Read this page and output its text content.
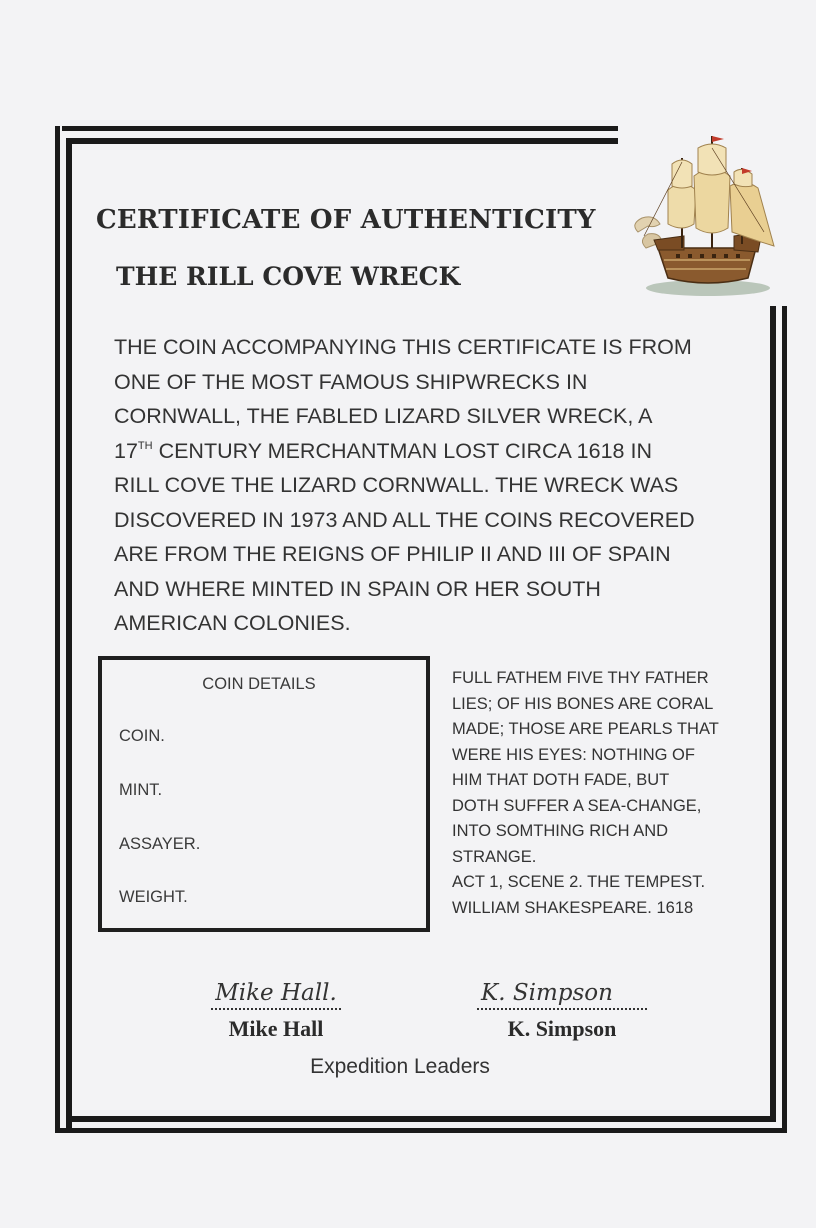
CERTIFICATE OF AUTHENTICITY
THE RILL COVE WRECK
THE COIN ACCOMPANYING THIS CERTIFICATE IS FROM
ONE OF THE MOST FAMOUS SHIPWRECKS IN
CORNWALL, THE FABLED LIZARD SILVER WRECK, A
17TH CENTURY MERCHANTMAN LOST CIRCA 1618 IN
RILL COVE THE LIZARD CORNWALL. THE WRECK WAS
DISCOVERED IN 1973 AND ALL THE COINS RECOVERED
ARE FROM THE REIGNS OF PHILIP II AND III OF SPAIN
AND WHERE MINTED IN SPAIN OR HER SOUTH
AMERICAN COLONIES.
COIN DETAILS
COIN.
MINT.
ASSAYER.
WEIGHT.
FULL FATHEM FIVE THY FATHER
LIES; OF HIS BONES ARE CORAL
MADE; THOSE ARE PEARLS THAT
WERE HIS EYES: NOTHING OF
HIM THAT DOTH FADE, BUT
DOTH SUFFER A SEA-CHANGE,
INTO SOMTHING RICH AND
STRANGE.
ACT 1, SCENE 2. THE TEMPEST.
WILLIAM SHAKESPEARE. 1618
Mike Hall.
Mike Hall
K. Simpson
K. Simpson
Expedition Leaders
